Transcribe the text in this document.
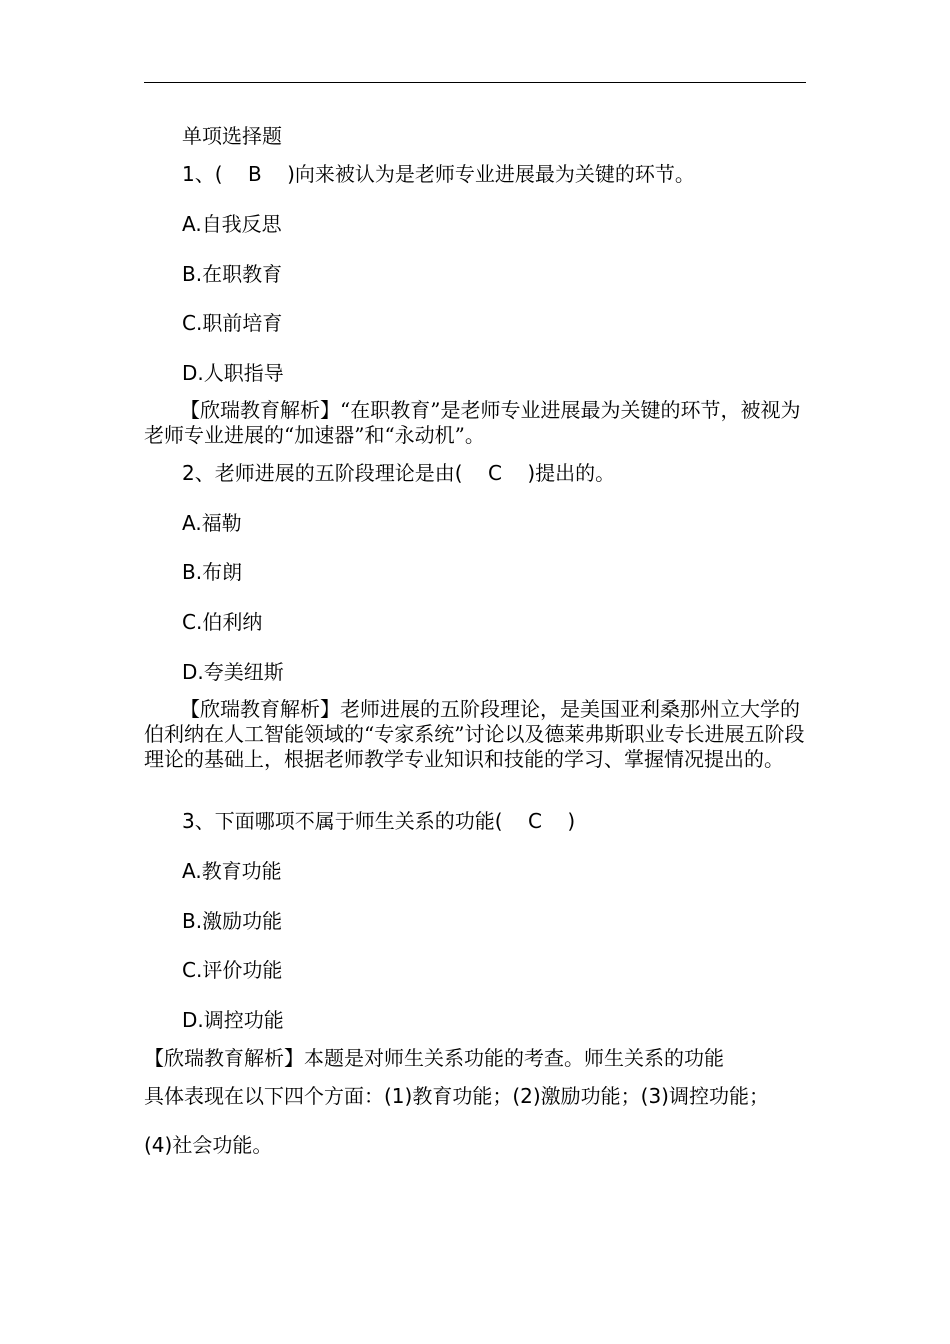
单项选择题
1、(    B    )向来被认为是老师专业进展最为关键的环节。
A.自我反思
B.在职教育
C.职前培育
D.人职指导
【欣瑞教育解析】“在职教育”是老师专业进展最为关键的环节，被视为老师专业进展的“加速器”和“永动机”。
2、老师进展的五阶段理论是由(    C    )提出的。
A.福勒
B.布朗
C.伯利纳
D.夸美纽斯
【欣瑞教育解析】老师进展的五阶段理论，是美国亚利桑那州立大学的伯利纳在人工智能领域的“专家系统”讨论以及德莱弗斯职业专长进展五阶段理论的基础上，根据老师教学专业知识和技能的学习、掌握情况提出的。
3、下面哪项不属于师生关系的功能(    C    )
A.教育功能
B.激励功能
C.评价功能
D.调控功能
【欣瑞教育解析】本题是对师生关系功能的考查。师生关系的功能
具体表现在以下四个方面：(1)教育功能；(2)激励功能；(3)调控功能；
(4)社会功能。
